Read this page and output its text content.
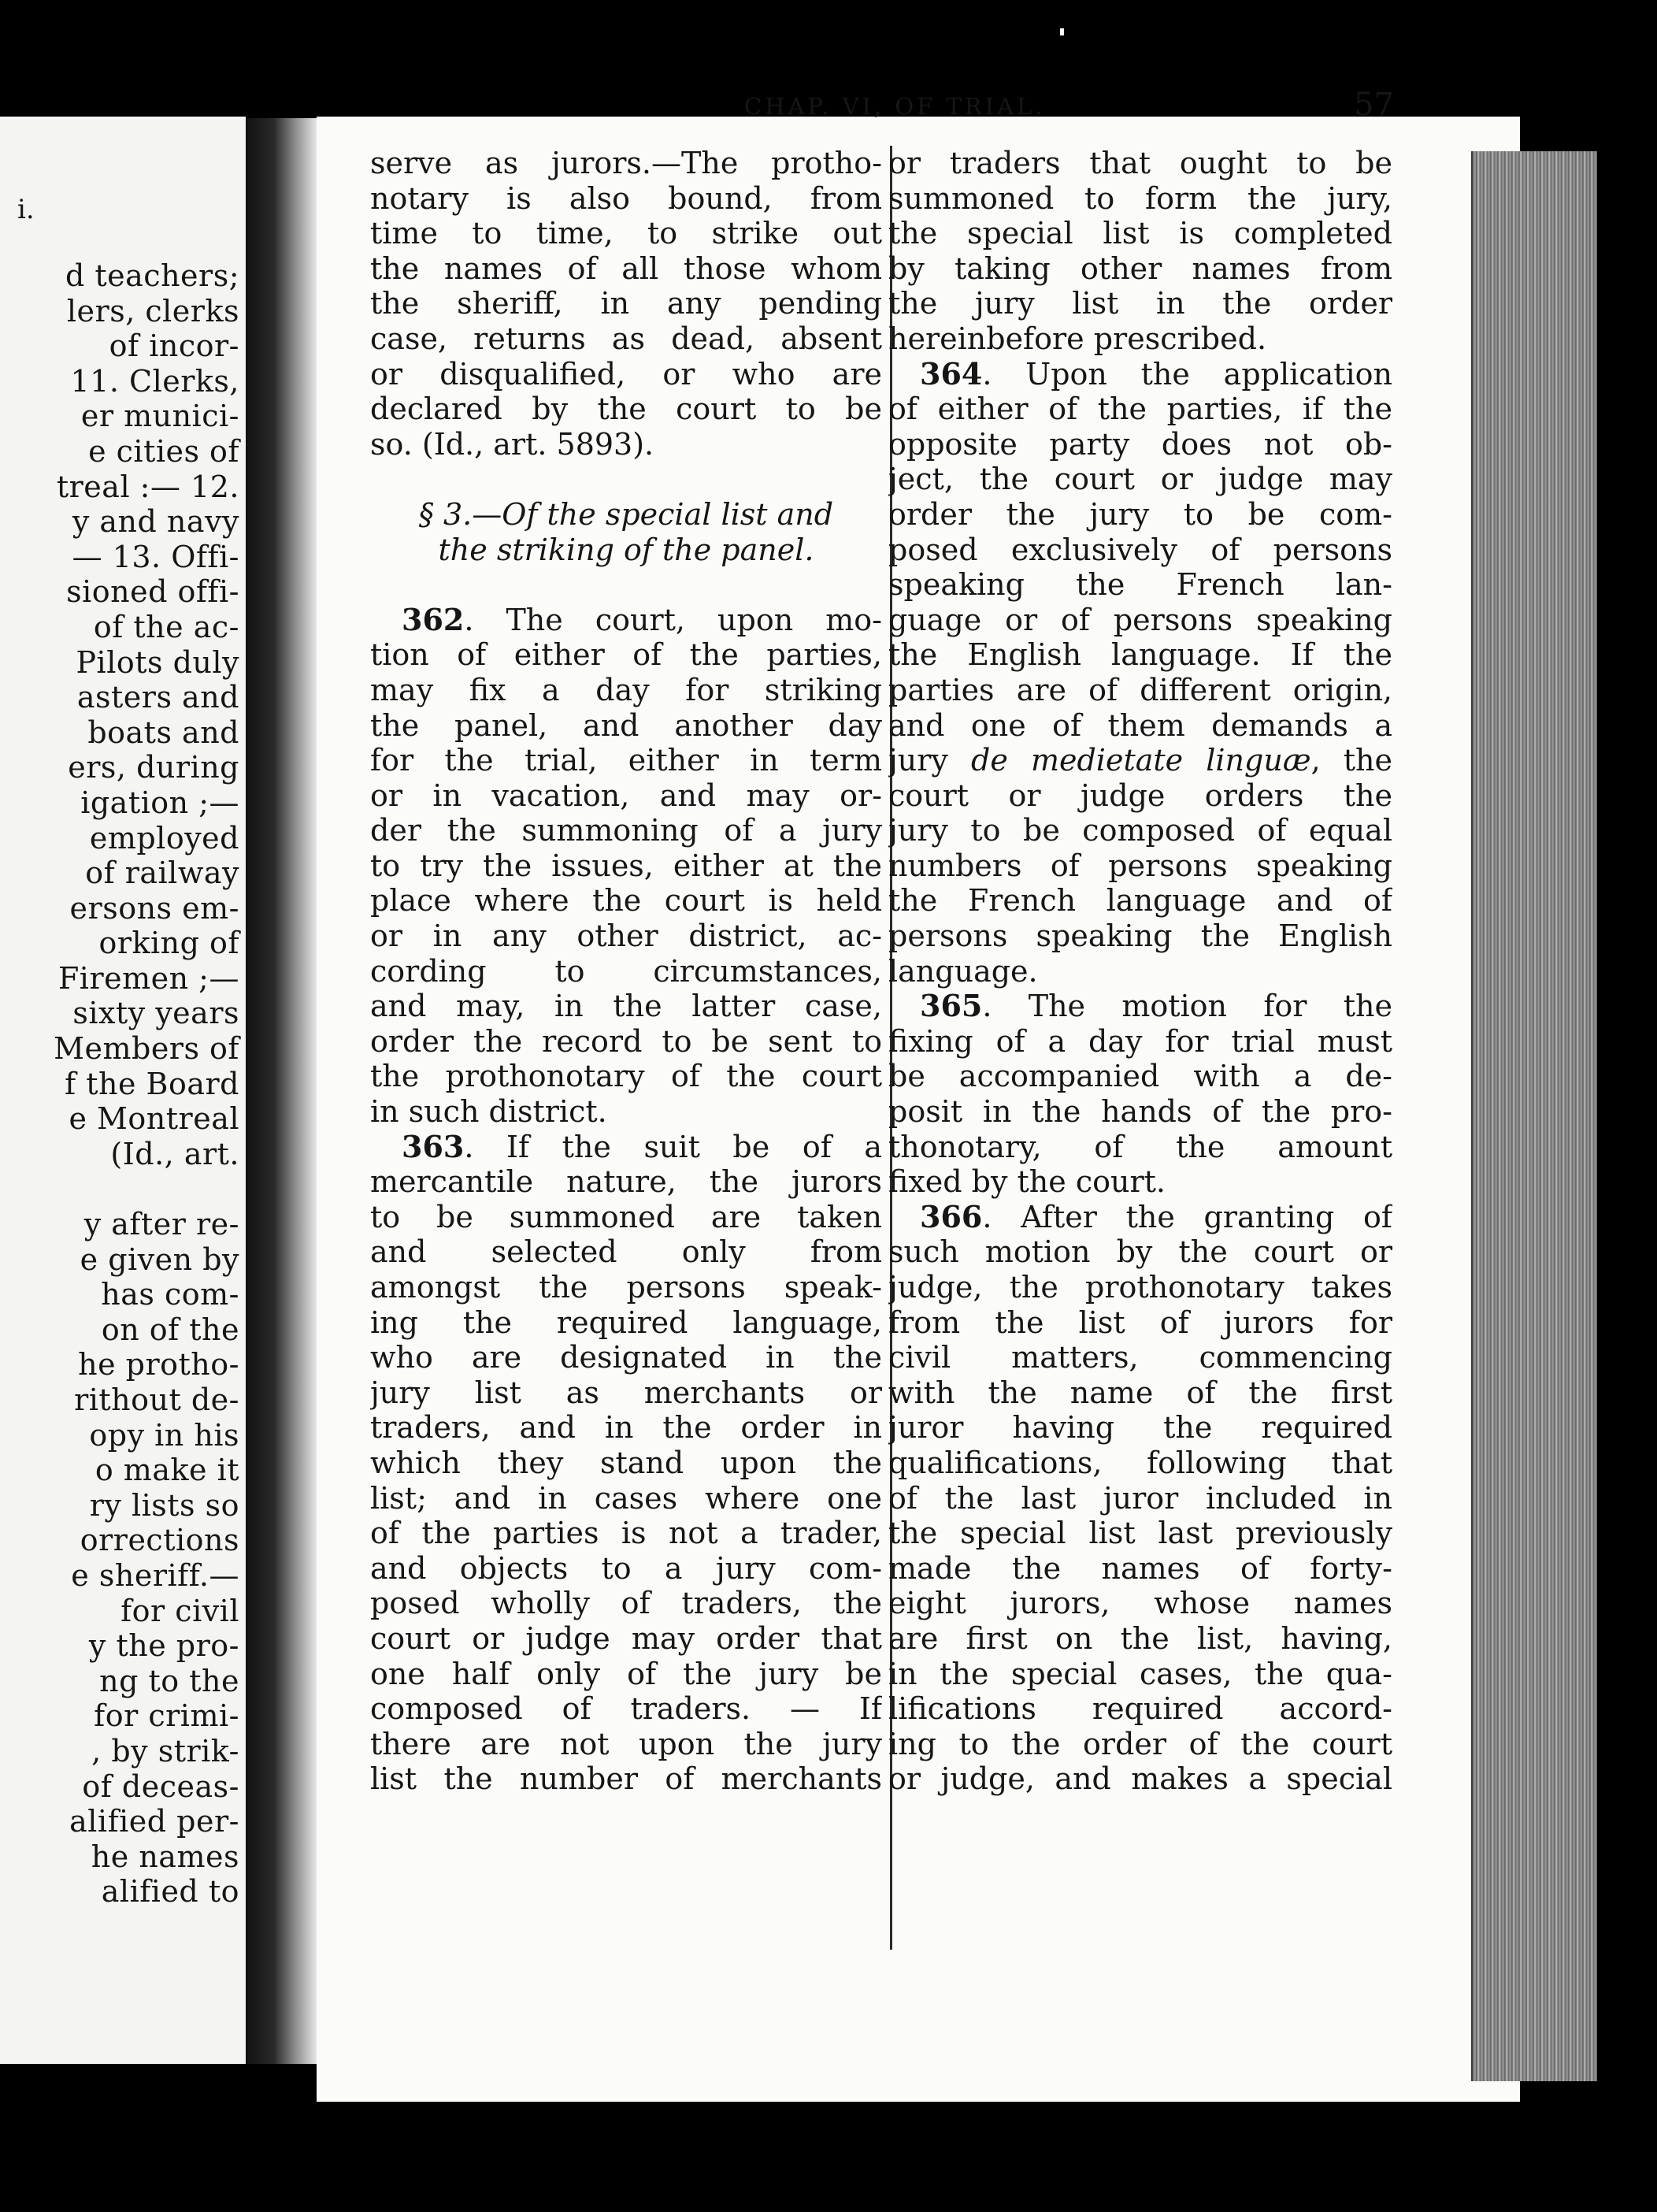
i.
d teachers;
lers, clerks
of incor-
11. Clerks,
er munici-
e cities of
treal :— 12.
y and navy
— 13. Offi-
sioned offi-
of the ac-
Pilots duly
asters and
boats and
ers, during
igation ;—
employed
of railway
ersons em-
orking of
Firemen ;—
sixty years
Members of
f the Board
e Montreal
(Id., art.
y after re-
e given by
has com-
on of the
he protho-
rithout de-
opy in his
o make it
ry lists so
orrections
e sheriff.—
for civil
y the pro-
ng to the
for crimi-
, by strik-
of deceas-
alified per-
he names
alified to
CHAP. VI, OF TRIAL.	57
serve as jurors.—The protho-
notary is also bound, from
time to time, to strike out
the names of all those whom
the sheriff, in any pending
case, returns as dead, absent
or disqualified, or who are
declared by the court to be
so. (Id., art. 5893).
§ 3.—Of the special list and
the striking of the panel.
362. The court, upon mo-
tion of either of the parties,
may fix a day for striking
the panel, and another day
for the trial, either in term
or in vacation, and may or-
der the summoning of a jury
to try the issues, either at the
place where the court is held
or in any other district, ac-
cording to circumstances,
and may, in the latter case,
order the record to be sent to
the prothonotary of the court
in such district.
363. If the suit be of a
mercantile nature, the jurors
to be summoned are taken
and selected only from
amongst the persons speak-
ing the required language,
who are designated in the
jury list as merchants or
traders, and in the order in
which they stand upon the
list; and in cases where one
of the parties is not a trader,
and objects to a jury com-
posed wholly of traders, the
court or judge may order that
one half only of the jury be
composed of traders. — If
there are not upon the jury
list the number of merchants
or traders that ought to be
summoned to form the jury,
the special list is completed
by taking other names from
the jury list in the order
hereinbefore prescribed.
364. Upon the application
of either of the parties, if the
opposite party does not ob-
ject, the court or judge may
order the jury to be com-
posed exclusively of persons
speaking the French lan-
guage or of persons speaking
the English language. If the
parties are of different origin,
and one of them demands a
jury de medietate linguæ, the
court or judge orders the
jury to be composed of equal
numbers of persons speaking
the French language and of
persons speaking the English
language.
365. The motion for the
fixing of a day for trial must
be accompanied with a de-
posit in the hands of the pro-
thonotary, of the amount
fixed by the court.
366. After the granting of
such motion by the court or
judge, the prothonotary takes
from the list of jurors for
civil matters, commencing
with the name of the first
juror having the required
qualifications, following that
of the last juror included in
the special list last previously
made the names of forty-
eight jurors, whose names
are first on the list, having,
in the special cases, the qua-
lifications required accord-
ing to the order of the court
or judge, and makes a special
